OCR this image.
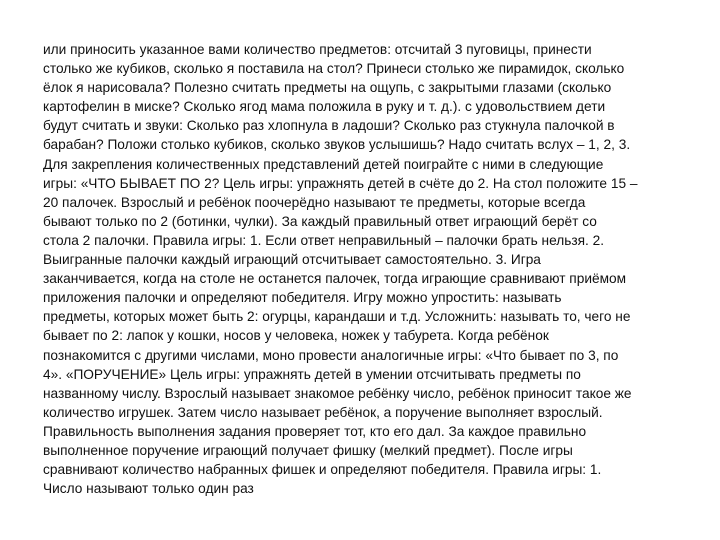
или приносить указанное вами количество предметов: отсчитай 3 пуговицы, принести
столько же кубиков, сколько я поставила на стол? Принеси столько же пирамидок, сколько
ёлок я нарисовала? Полезно считать предметы на ощупь, с закрытыми глазами (сколько
картофелин в миске? Сколько ягод мама положила в руку и т. д.). с удовольствием дети
будут считать и звуки: Сколько раз хлопнула в ладоши? Сколько раз стукнула палочкой в
барабан? Положи столько кубиков, сколько звуков услышишь? Надо считать вслух – 1, 2, 3.
Для закрепления количественных представлений детей поиграйте с ними в следующие
игры: «ЧТО БЫВАЕТ ПО 2? Цель игры: упражнять детей в счёте до 2. На стол положите 15 –
20 палочек. Взрослый и ребёнок поочерёдно называют те предметы, которые всегда
бывают только по 2 (ботинки, чулки). За каждый правильный ответ играющий берёт со
стола 2 палочки. Правила игры: 1. Если ответ неправильный – палочки брать нельзя. 2.
Выигранные палочки каждый играющий отсчитывает самостоятельно. 3. Игра
заканчивается, когда на столе не останется палочек, тогда играющие сравнивают приёмом
приложения палочки и определяют победителя. Игру можно упростить: называть
предметы, которых может быть 2: огурцы, карандаши и т.д. Усложнить: называть то, чего не
бывает по 2: лапок у кошки, носов у человека, ножек у табурета. Когда ребёнок
познакомится с другими числами, моно провести аналогичные игры: «Что бывает по 3, по
4». «ПОРУЧЕНИЕ» Цель игры: упражнять детей в умении отсчитывать предметы по
названному числу. Взрослый называет знакомое ребёнку число, ребёнок приносит такое же
количество игрушек. Затем число называет ребёнок, а поручение выполняет взрослый.
Правильность выполнения задания проверяет тот, кто его дал. За каждое правильно
выполненное поручение играющий получает фишку (мелкий предмет). После игры
сравнивают количество набранных фишек и определяют победителя. Правила игры: 1.
Число называют только один раз
